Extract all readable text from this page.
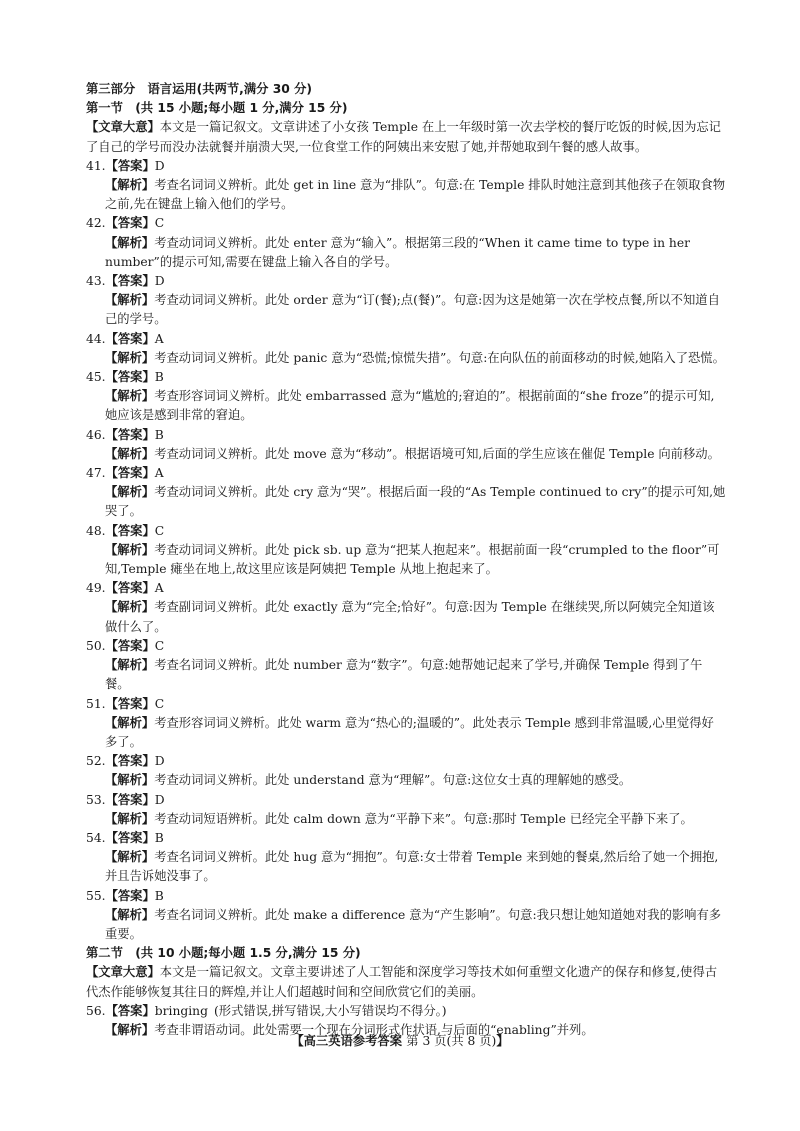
第三部分　语言运用(共两节,满分 30 分)
第一节　(共 15 小题;每小题 1 分,满分 15 分)
【文章大意】本文是一篇记叙文。文章讲述了小女孩 Temple 在上一年级时第一次去学校的餐厅吃饭的时候,因为忘记了自己的学号而没办法就餐并崩溃大哭,一位食堂工作的阿姨出来安慰了她,并帮她取到午餐的感人故事。
41.【答案】D
【解析】考查名词词义辨析。此处 get in line 意为“排队”。句意:在 Temple 排队时她注意到其他孩子在领取食物之前,先在键盘上输入他们的学号。
42.【答案】C
【解析】考查动词词义辨析。此处 enter 意为“输入”。根据第三段的“When it came time to type in her number”的提示可知,需要在键盘上输入各自的学号。
43.【答案】D
【解析】考查动词词义辨析。此处 order 意为“订(餐);点(餐)”。句意:因为这是她第一次在学校点餐,所以不知道自己的学号。
44.【答案】A
【解析】考查动词词义辨析。此处 panic 意为“恐慌;惊慌失措”。句意:在向队伍的前面移动的时候,她陷入了恐慌。
45.【答案】B
【解析】考查形容词词义辨析。此处 embarrassed 意为“尴尬的;窘迫的”。根据前面的“she froze”的提示可知,她应该是感到非常的窘迫。
46.【答案】B
【解析】考查动词词义辨析。此处 move 意为“移动”。根据语境可知,后面的学生应该在催促 Temple 向前移动。
47.【答案】A
【解析】考查动词词义辨析。此处 cry 意为“哭”。根据后面一段的“As Temple continued to cry”的提示可知,她哭了。
48.【答案】C
【解析】考查动词词义辨析。此处 pick sb. up 意为“把某人抱起来”。根据前面一段“crumpled to the floor”可知,Temple 瘫坐在地上,故这里应该是阿姨把 Temple 从地上抱起来了。
49.【答案】A
【解析】考查副词词义辨析。此处 exactly 意为“完全;恰好”。句意:因为 Temple 在继续哭,所以阿姨完全知道该做什么了。
50.【答案】C
【解析】考查名词词义辨析。此处 number 意为“数字”。句意:她帮她记起来了学号,并确保 Temple 得到了午餐。
51.【答案】C
【解析】考查形容词词义辨析。此处 warm 意为“热心的;温暖的”。此处表示 Temple 感到非常温暖,心里觉得好多了。
52.【答案】D
【解析】考查动词词义辨析。此处 understand 意为“理解”。句意:这位女士真的理解她的感受。
53.【答案】D
【解析】考查动词短语辨析。此处 calm down 意为“平静下来”。句意:那时 Temple 已经完全平静下来了。
54.【答案】B
【解析】考查名词词义辨析。此处 hug 意为“拥抱”。句意:女士带着 Temple 来到她的餐桌,然后给了她一个拥抱,并且告诉她没事了。
55.【答案】B
【解析】考查名词词义辨析。此处 make a difference 意为“产生影响”。句意:我只想让她知道她对我的影响有多重要。
第二节　(共 10 小题;每小题 1.5 分,满分 15 分)
【文章大意】本文是一篇记叙文。文章主要讲述了人工智能和深度学习等技术如何重塑文化遗产的保存和修复,使得古代杰作能够恢复其往日的辉煌,并让人们超越时间和空间欣赏它们的美丽。
56.【答案】bringing (形式错误,拼写错误,大小写错误均不得分。)
【解析】考查非谓语动词。此处需要一个现在分词形式作状语,与后面的“enabling”并列。
【高三英语参考答案 第 3 页(共 8 页)】
